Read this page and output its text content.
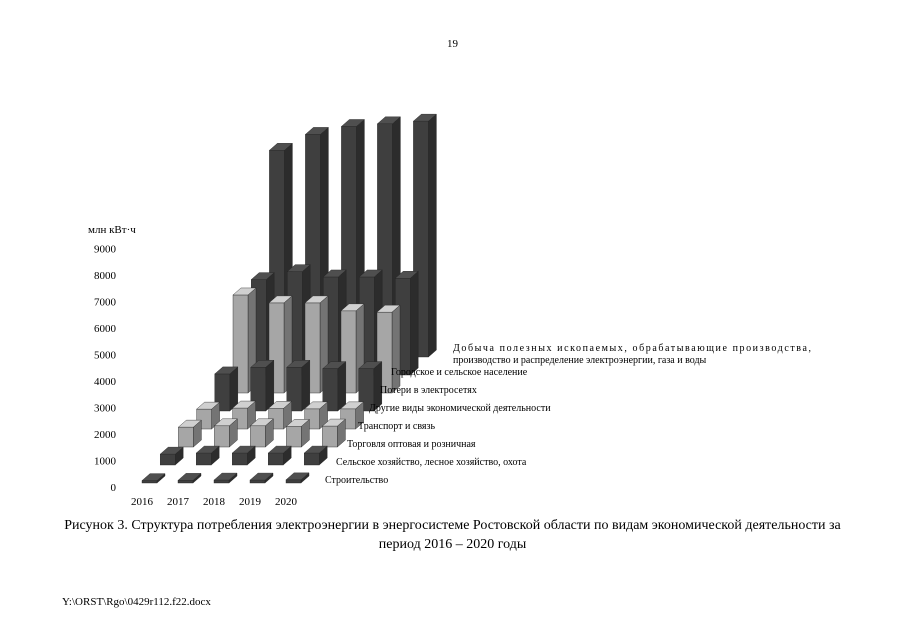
19
млн кВт·ч
0
1000
2000
3000
4000
5000
6000
7000
8000
9000
2016 2017 2018 2019 2020
Строительство
Сельское хозяйство, лесное хозяйство, охота
Торговля оптовая и розничная
Транспорт и связь
Другие виды экономической деятельности
Потери в электросетях
Городское и сельское население
Добыча полезных ископаемых, обрабатывающие производства, производство и распределение электроэнергии, газа и воды
Рисунок 3. Структура потребления электроэнергии в энергосистеме Ростовской области по видам экономической деятельности за период 2016 – 2020 годы
Y:\ORST\Rgo\0429r112.f22.docx
